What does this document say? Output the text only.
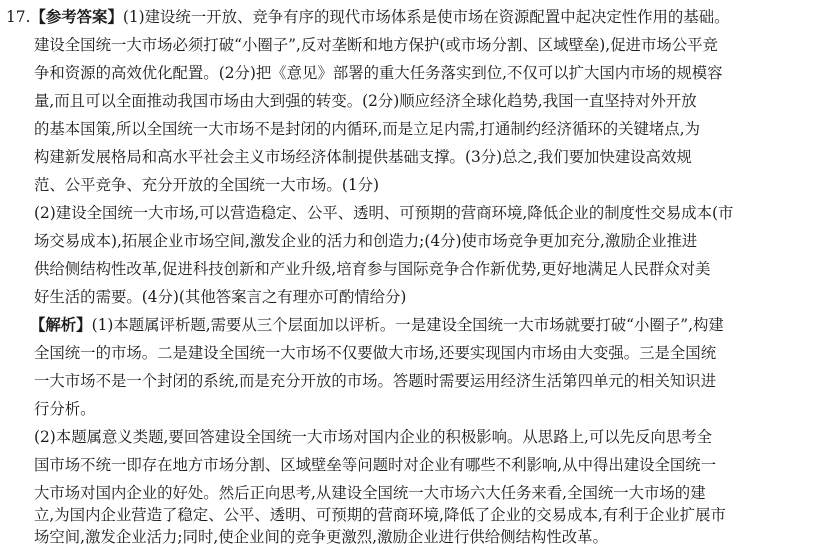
17.【参考答案】(1)建设统一开放、竞争有序的现代市场体系是使市场在资源配置中起决定性作用的基础。
建设全国统一大市场必须打破“小圈子”,反对垄断和地方保护(或市场分割、区域壁垒),促进市场公平竞
争和资源的高效优化配置。(2分)把《意见》部署的重大任务落实到位,不仅可以扩大国内市场的规模容
量,而且可以全面推动我国市场由大到强的转变。(2分)顺应经济全球化趋势,我国一直坚持对外开放
的基本国策,所以全国统一大市场不是封闭的内循环,而是立足内需,打通制约经济循环的关键堵点,为
构建新发展格局和高水平社会主义市场经济体制提供基础支撑。(3分)总之,我们要加快建设高效规
范、公平竞争、充分开放的全国统一大市场。(1分)
(2)建设全国统一大市场,可以营造稳定、公平、透明、可预期的营商环境,降低企业的制度性交易成本(市
场交易成本),拓展企业市场空间,激发企业的活力和创造力;(4分)使市场竞争更加充分,激励企业推进
供给侧结构性改革,促进科技创新和产业升级,培育参与国际竞争合作新优势,更好地满足人民群众对美
好生活的需要。(4分)(其他答案言之有理亦可酌情给分)
【解析】(1)本题属评析题,需要从三个层面加以评析。一是建设全国统一大市场就要打破“小圈子”,构建
全国统一的市场。二是建设全国统一大市场不仅要做大市场,还要实现国内市场由大变强。三是全国统
一大市场不是一个封闭的系统,而是充分开放的市场。答题时需要运用经济生活第四单元的相关知识进
行分析。
(2)本题属意义类题,要回答建设全国统一大市场对国内企业的积极影响。从思路上,可以先反向思考全
国市场不统一即存在地方市场分割、区域壁垒等问题时对企业有哪些不利影响,从中得出建设全国统一
大市场对国内企业的好处。然后正向思考,从建设全国统一大市场六大任务来看,全国统一大市场的建
立,为国内企业营造了稳定、公平、透明、可预期的营商环境,降低了企业的交易成本,有利于企业扩展市
场空间,激发企业活力;同时,使企业间的竞争更激烈,激励企业进行供给侧结构性改革。
